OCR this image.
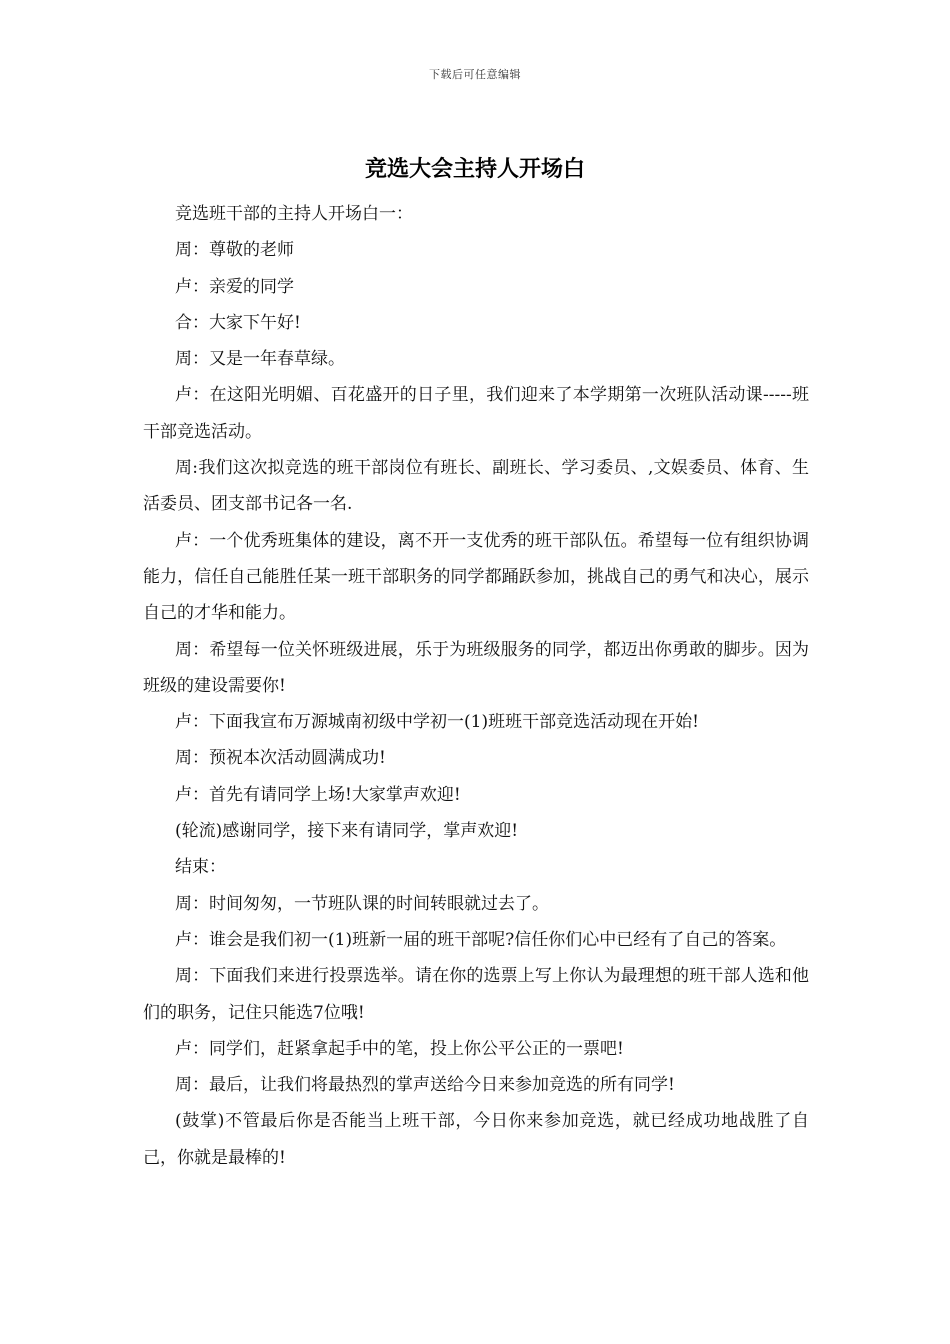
下载后可任意编辑
竞选大会主持人开场白

竞选班干部的主持人开场白一：

周：尊敬的老师

卢：亲爱的同学

合：大家下午好!

周：又是一年春草绿。

卢：在这阳光明媚、百花盛开的日子里，我们迎来了本学期第一次班队活动课-----班干部竞选活动。

周:我们这次拟竞选的班干部岗位有班长、副班长、学习委员、,文娱委员、体育、生活委员、团支部书记各一名.

卢：一个优秀班集体的建设，离不开一支优秀的班干部队伍。希望每一位有组织协调能力，信任自己能胜任某一班干部职务的同学都踊跃参加，挑战自己的勇气和决心，展示自己的才华和能力。

周：希望每一位关怀班级进展，乐于为班级服务的同学，都迈出你勇敢的脚步。因为班级的建设需要你!

卢：下面我宣布万源城南初级中学初一(1)班班干部竞选活动现在开始!

周：预祝本次活动圆满成功!

卢：首先有请同学上场!大家掌声欢迎!

(轮流)感谢同学，接下来有请同学，掌声欢迎!

结束：

周：时间匆匆，一节班队课的时间转眼就过去了。

卢：谁会是我们初一(1)班新一届的班干部呢?信任你们心中已经有了自己的答案。

周：下面我们来进行投票选举。请在你的选票上写上你认为最理想的班干部人选和他们的职务，记住只能选7位哦!

卢：同学们，赶紧拿起手中的笔，投上你公平公正的一票吧!

周：最后，让我们将最热烈的掌声送给今日来参加竞选的所有同学!

(鼓掌)不管最后你是否能当上班干部，今日你来参加竞选，就已经成功地战胜了自己，你就是最棒的!
